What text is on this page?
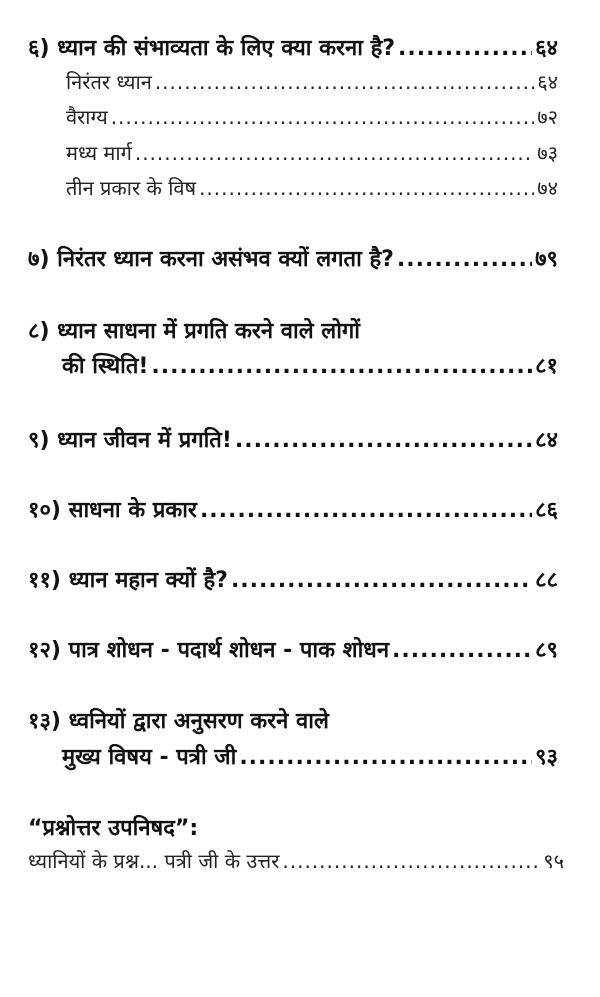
६) ध्यान की संभाव्यता के लिए क्या करना है? .....	६४
निरंतर ध्यान .....	६४
वैराग्य .....	७२
मध्य मार्ग .....	७३
तीन प्रकार के विष .....	७४
७) निरंतर ध्यान करना असंभव क्यों लगता है? .....	७९
८) ध्यान साधना में प्रगति करने वाले लोगों
की स्थिति! .....	८१
९) ध्यान जीवन में प्रगति! .....	८४
१०) साधना के प्रकार .....	८६
११) ध्यान महान क्यों है? .....	८८
१२) पात्र शोधन - पदार्थ शोधन - पाक शोधन .....	८९
१३) ध्वनियों द्वारा अनुसरण करने वाले
मुख्य विषय - पत्री जी .....	९३
“प्रश्नोत्तर उपनिषद”:
ध्यानियों के प्रश्न... पत्री जी के उत्तर .....	९५
